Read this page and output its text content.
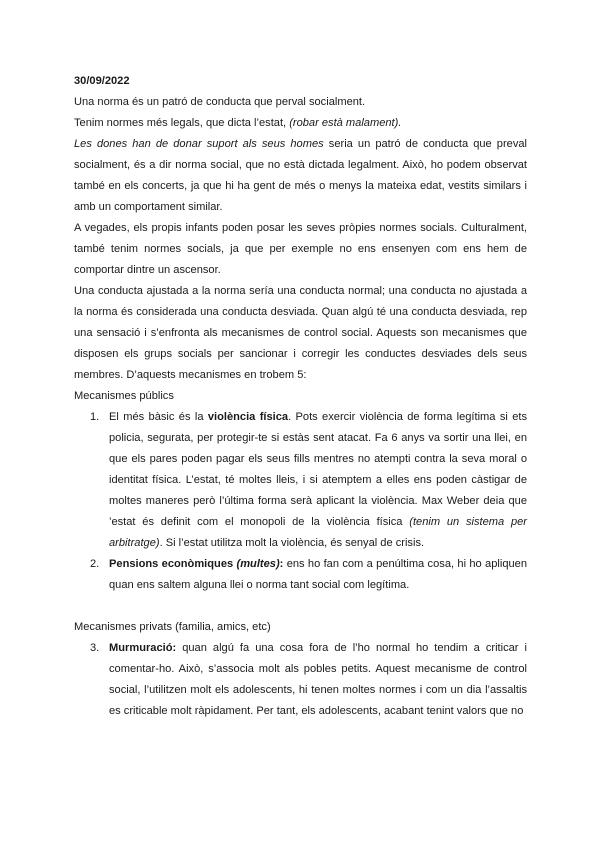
30/09/2022

Una norma és un patró de conducta que perval socialment.

Tenim normes més legals, que dicta l’estat, (robar està malament).

Les dones han de donar suport als seus homes seria un patró de conducta que preval socialment, és a dir norma social, que no està dictada legalment. Això, ho podem observat també en els concerts, ja que hi ha gent de més o menys la mateixa edat, vestits similars i amb un comportament similar.

A vegades, els propis infants poden posar les seves pròpies normes socials. Culturalment, també tenim normes socials, ja que per exemple no ens ensenyen com ens hem de comportar dintre un ascensor.

Una conducta ajustada a la norma sería una conducta normal; una conducta no ajustada a la norma és considerada una conducta desviada. Quan algú té una conducta desviada, rep una sensació i s’enfronta als mecanismes de control social. Aquests son mecanismes que disposen els grups socials per sancionar i corregir les conductes desviades dels seus membres. D’aquests mecanismes en trobem 5:

Mecanismes públics

1. El més bàsic és la violència física. Pots exercir violència de forma legítima si ets policia, segurata, per protegir-te si estàs sent atacat. Fa 6 anys va sortir una llei, en que els pares poden pagar els seus fills mentres no atempti contra la seva moral o identitat física. L’estat, té moltes lleis, i si atemptem a elles ens poden càstigar de moltes maneres però l’última forma serà aplicant la violència. Max Weber deia que ’estat és definit com el monopoli de la violència física (tenim un sistema per arbitratge). Si l’estat utilitza molt la violència, és senyal de crisis.
2. Pensions econòmiques (multes): ens ho fan com a penúltima cosa, hi ho apliquen quan ens saltem alguna llei o norma tant social com legítima.

Mecanismes privats (familia, amics, etc)

3. Murmuració: quan algú fa una cosa fora de l’ho normal ho tendim a criticar i comentar-ho. Això, s’associa molt als pobles petits. Aquest mecanisme de control social, l’utilitzen molt els adolescents, hi tenen moltes normes i com un dia l’assaltis es criticable molt ràpidament. Per tant, els adolescents, acabant tenint valors que no
